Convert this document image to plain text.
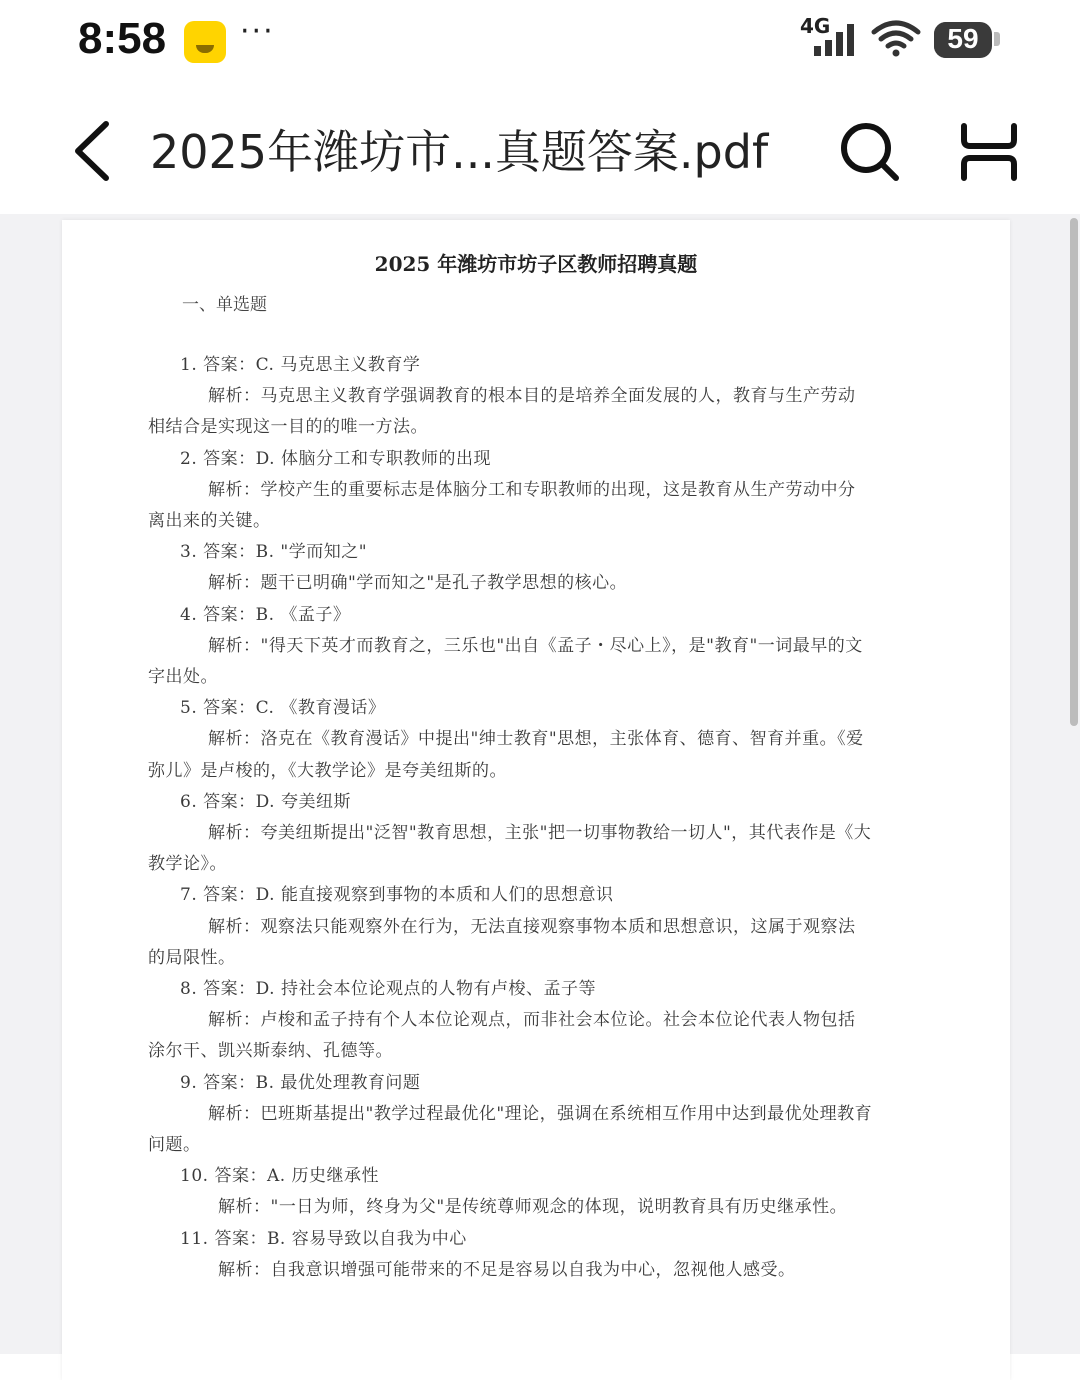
8:58 ···	4G	59
2025年潍坊市...真题答案.pdf
2025 年潍坊市坊子区教师招聘真题
一、单选题
1. 答案：C. 马克思主义教育学
解析：马克思主义教育学强调教育的根本目的是培养全面发展的人，教育与生产劳动
相结合是实现这一目的的唯一方法。
2. 答案：D. 体脑分工和专职教师的出现
解析：学校产生的重要标志是体脑分工和专职教师的出现，这是教育从生产劳动中分
离出来的关键。
3. 答案：B. "学而知之"
解析：题干已明确"学而知之"是孔子教学思想的核心。
4. 答案：B. 《孟子》
解析："得天下英才而教育之，三乐也"出自《孟子・尽心上》，是"教育"一词最早的文
字出处。
5. 答案：C. 《教育漫话》
解析：洛克在《教育漫话》中提出"绅士教育"思想，主张体育、德育、智育并重。《爱
弥儿》是卢梭的，《大教学论》是夸美纽斯的。
6. 答案：D. 夸美纽斯
解析：夸美纽斯提出"泛智"教育思想，主张"把一切事物教给一切人"，其代表作是《大
教学论》。
7. 答案：D. 能直接观察到事物的本质和人们的思想意识
解析：观察法只能观察外在行为，无法直接观察事物本质和思想意识，这属于观察法
的局限性。
8. 答案：D. 持社会本位论观点的人物有卢梭、孟子等
解析：卢梭和孟子持有个人本位论观点，而非社会本位论。社会本位论代表人物包括
涂尔干、凯兴斯泰纳、孔德等。
9. 答案：B. 最优处理教育问题
解析：巴班斯基提出"教学过程最优化"理论，强调在系统相互作用中达到最优处理教育
问题。
10. 答案：A. 历史继承性
解析："一日为师，终身为父"是传统尊师观念的体现，说明教育具有历史继承性。
11. 答案：B. 容易导致以自我为中心
解析：自我意识增强可能带来的不足是容易以自我为中心，忽视他人感受。
